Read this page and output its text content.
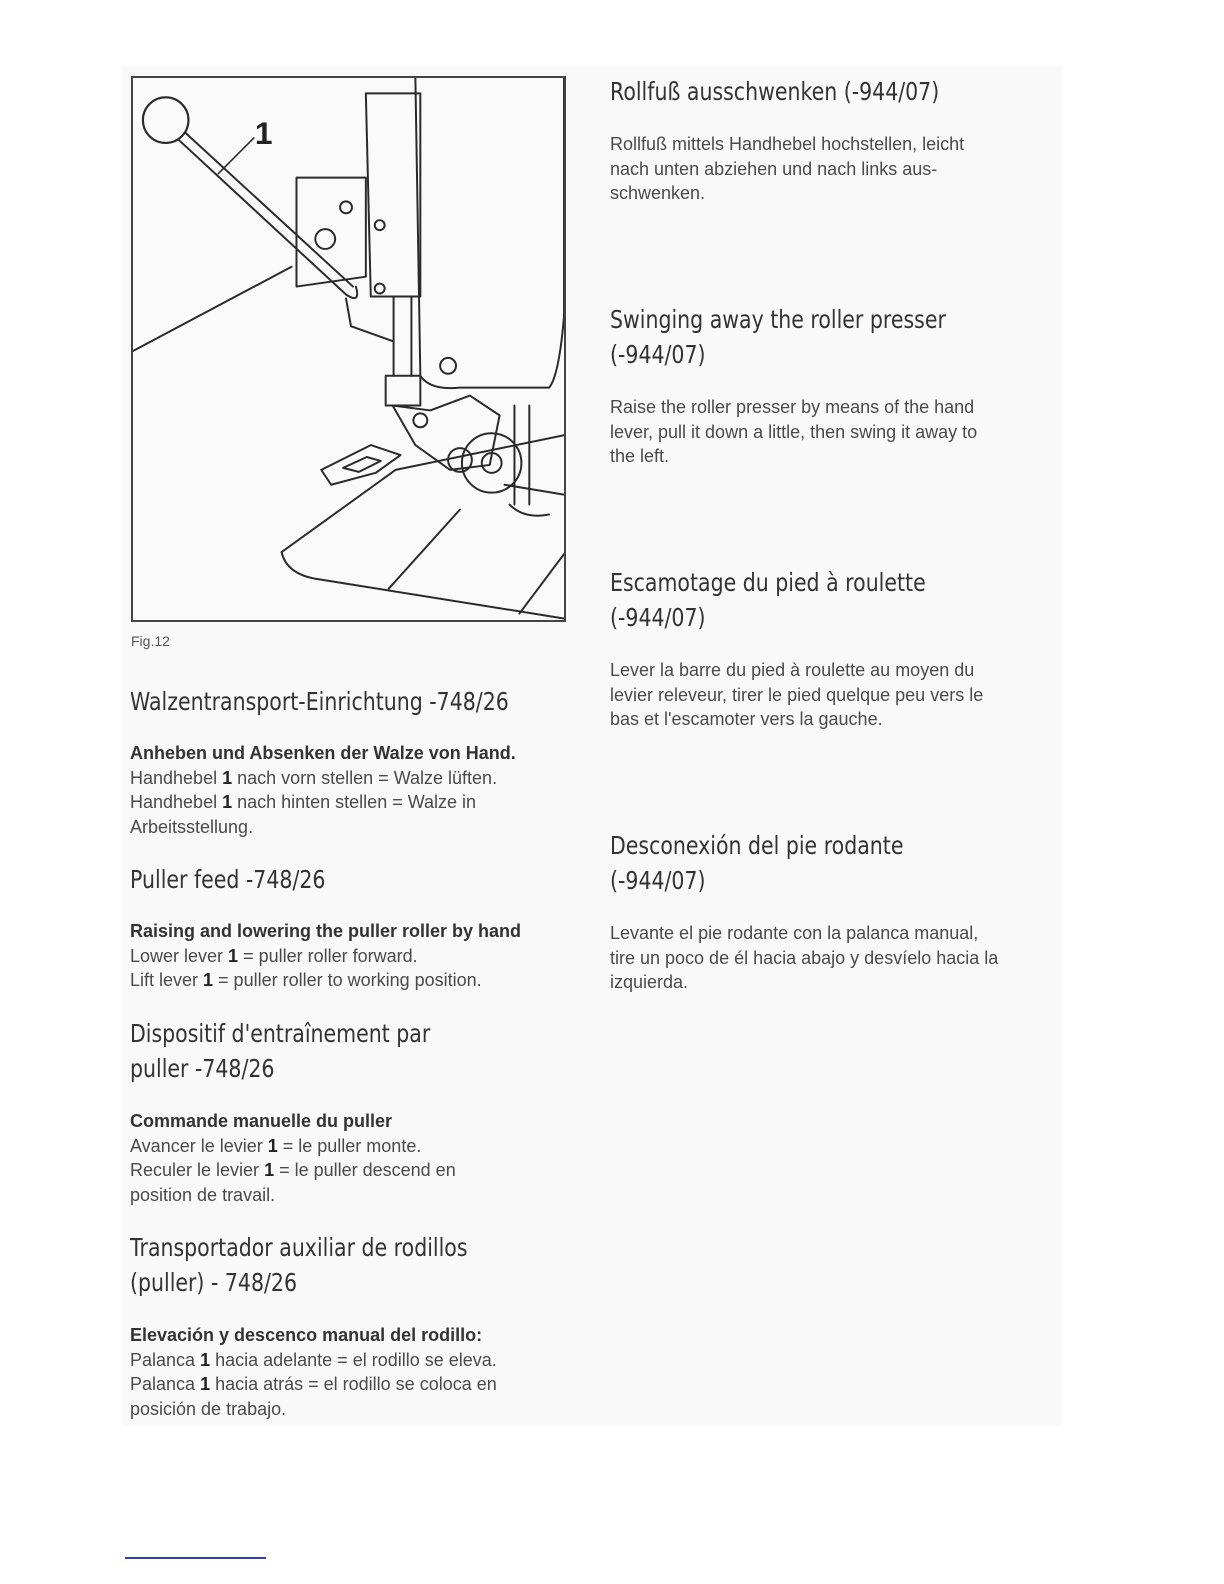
1
Fig.12
Walzentransport-Einrichtung -748/26
Anheben und Absenken der Walze von Hand.
Handhebel 1 nach vorn stellen = Walze lüften.
Handhebel 1 nach hinten stellen = Walze in
Arbeitsstellung.
Puller feed -748/26
Raising and lowering the puller roller by hand
Lower lever 1 = puller roller forward.
Lift lever 1 = puller roller to working position.
Dispositif d'entraînement par
puller -748/26
Commande manuelle du puller
Avancer le levier 1 = le puller monte.
Reculer le levier 1 = le puller descend en
position de travail.
Transportador auxiliar de rodillos
(puller) - 748/26
Elevación y descenco manual del rodillo:
Palanca 1 hacia adelante = el rodillo se eleva.
Palanca 1 hacia atrás = el rodillo se coloca en
posición de trabajo.
Rollfuß ausschwenken (-944/07)
Rollfuß mittels Handhebel hochstellen, leicht
nach unten abziehen und nach links aus-
schwenken.
Swinging away the roller presser
(-944/07)
Raise the roller presser by means of the hand
lever, pull it down a little, then swing it away to
the left.
Escamotage du pied à roulette
(-944/07)
Lever la barre du pied à roulette au moyen du
levier releveur, tirer le pied quelque peu vers le
bas et l'escamoter vers la gauche.
Desconexión del pie rodante
(-944/07)
Levante el pie rodante con la palanca manual,
tire un poco de él hacia abajo y desvíelo hacia la
izquierda.
